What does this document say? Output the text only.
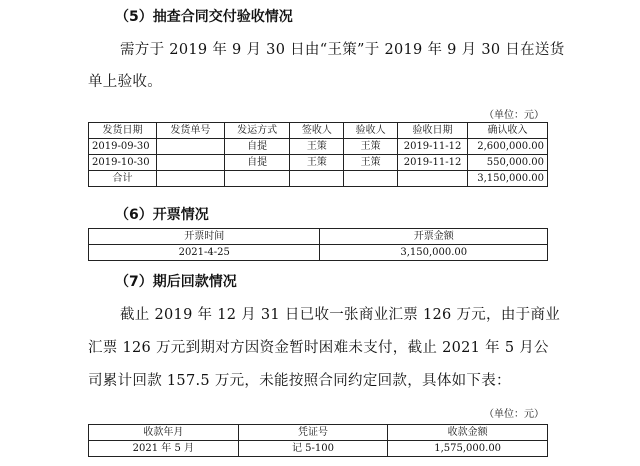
（5）抽查合同交付验收情况
需方于 2019 年 9 月 30 日由“王策”于 2019 年 9 月 30 日在送货
单上验收。
（单位：元）
发货日期	发货单号	发运方式	签收人	验收人	验收日期	确认收入
2019-09-30		自提	王策	王策	2019-11-12	2,600,000.00
2019-10-30		自提	王策	王策	2019-11-12	550,000.00
合计						3,150,000.00
（6）开票情况
开票时间	开票金额
2021-4-25	3,150,000.00
（7）期后回款情况
截止 2019 年 12 月 31 日已收一张商业汇票 126 万元，由于商业
汇票 126 万元到期对方因资金暂时困难未支付，截止 2021 年 5 月公
司累计回款 157.5 万元，未能按照合同约定回款，具体如下表：
（单位：元）
收款年月	凭证号	收款金额
2021 年 5 月	记 5-100	1,575,000.00
